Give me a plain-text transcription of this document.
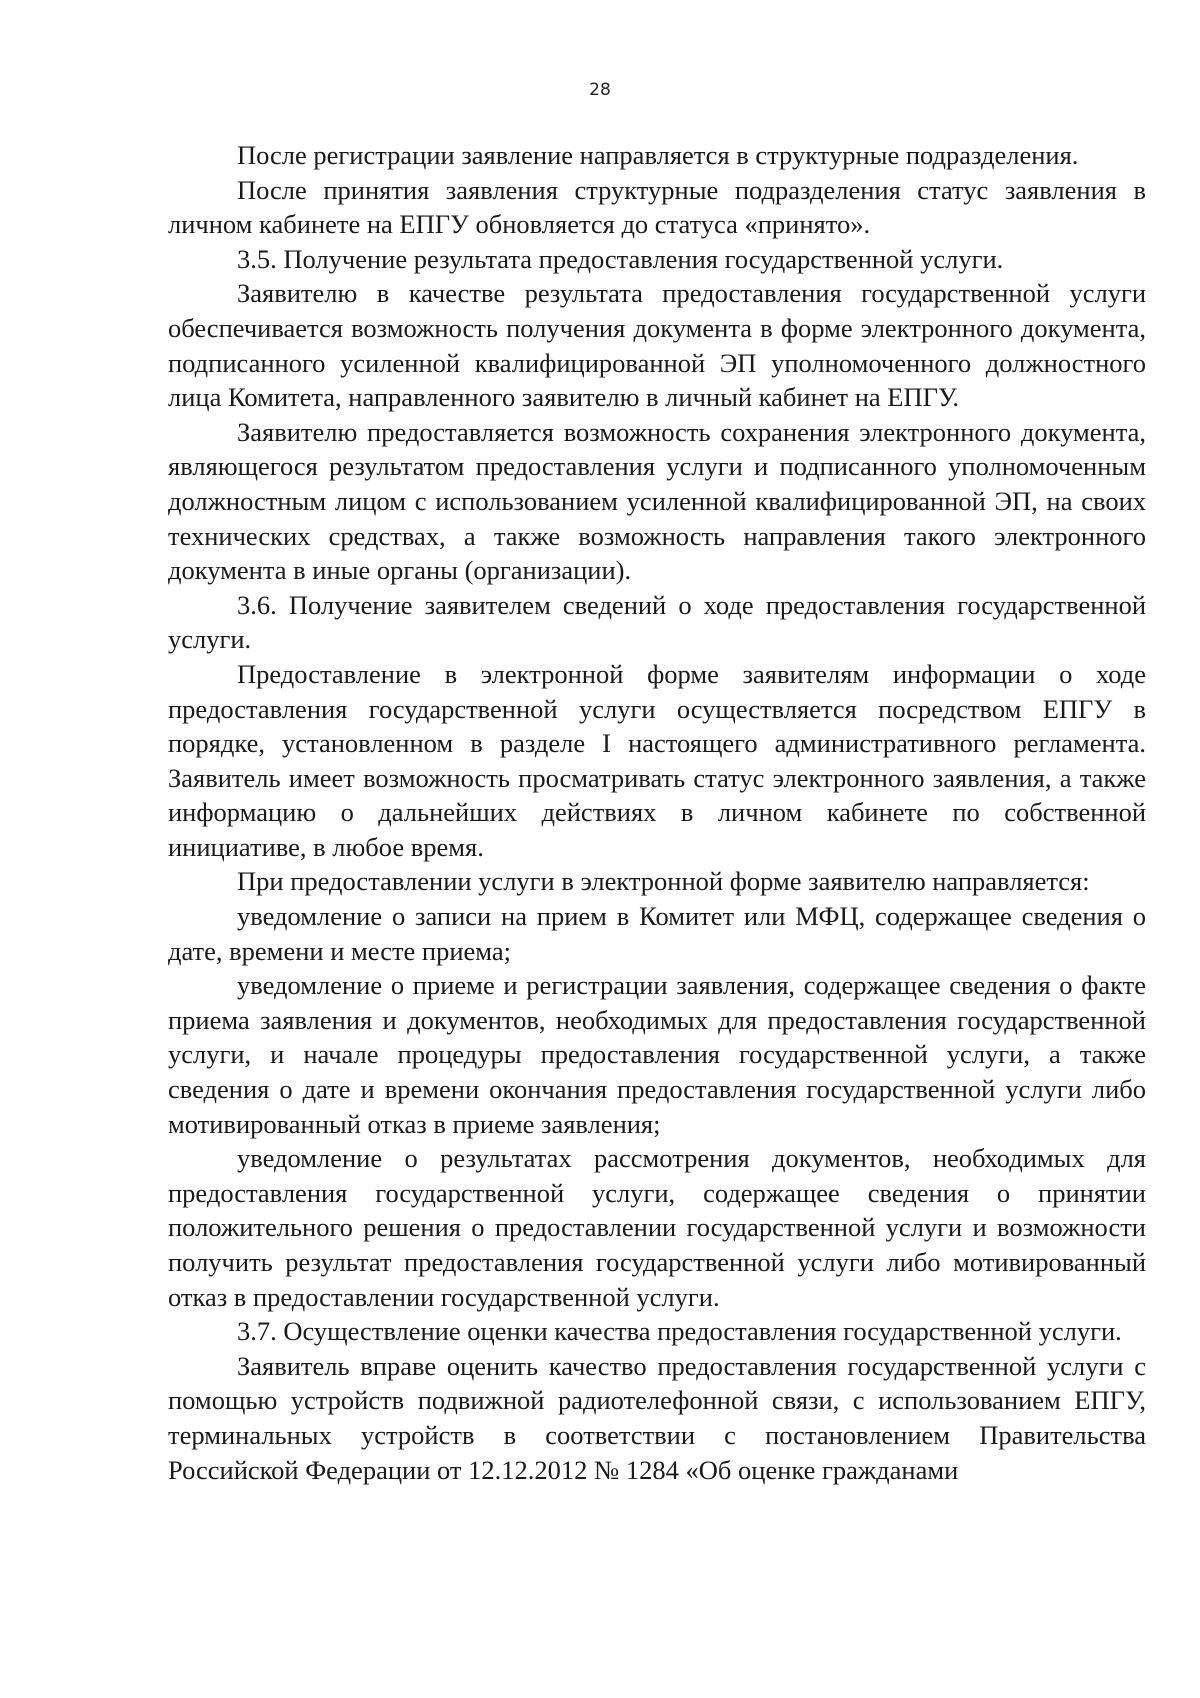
28

После регистрации заявление направляется в структурные подразделения.

После принятия заявления структурные подразделения статус заявления в личном кабинете на ЕПГУ обновляется до статуса «принято».

3.5. Получение результата предоставления государственной услуги.

Заявителю в качестве результата предоставления государственной услуги обеспечивается возможность получения документа в форме электронного документа, подписанного усиленной квалифицированной ЭП уполномоченного должностного лица Комитета, направленного заявителю в личный кабинет на ЕПГУ.

Заявителю предоставляется возможность сохранения электронного документа, являющегося результатом предоставления услуги и подписанного уполномоченным должностным лицом с использованием усиленной квалифицированной ЭП, на своих технических средствах, а также возможность направления такого электронного документа в иные органы (организации).

3.6. Получение заявителем сведений о ходе предоставления государственной услуги.

Предоставление в электронной форме заявителям информации о ходе предоставления государственной услуги осуществляется посредством ЕПГУ в порядке, установленном в разделе I настоящего административного регламента. Заявитель имеет возможность просматривать статус электронного заявления, а также информацию о дальнейших действиях в личном кабинете по собственной инициативе, в любое время.

При предоставлении услуги в электронной форме заявителю направляется:

уведомление о записи на прием в Комитет или МФЦ, содержащее сведения о дате, времени и месте приема;

уведомление о приеме и регистрации заявления, содержащее сведения о факте приема заявления и документов, необходимых для предоставления государственной услуги, и начале процедуры предоставления государственной услуги, а также сведения о дате и времени окончания предоставления государственной услуги либо мотивированный отказ в приеме заявления;

уведомление о результатах рассмотрения документов, необходимых для предоставления государственной услуги, содержащее сведения о принятии положительного решения о предоставлении государственной услуги и возможности получить результат предоставления государственной услуги либо мотивированный отказ в предоставлении государственной услуги.

3.7. Осуществление оценки качества предоставления государственной услуги.

Заявитель вправе оценить качество предоставления государственной услуги с помощью устройств подвижной радиотелефонной связи, с использованием ЕПГУ, терминальных устройств в соответствии с постановлением Правительства Российской Федерации от 12.12.2012 № 1284 «Об оценке гражданами
